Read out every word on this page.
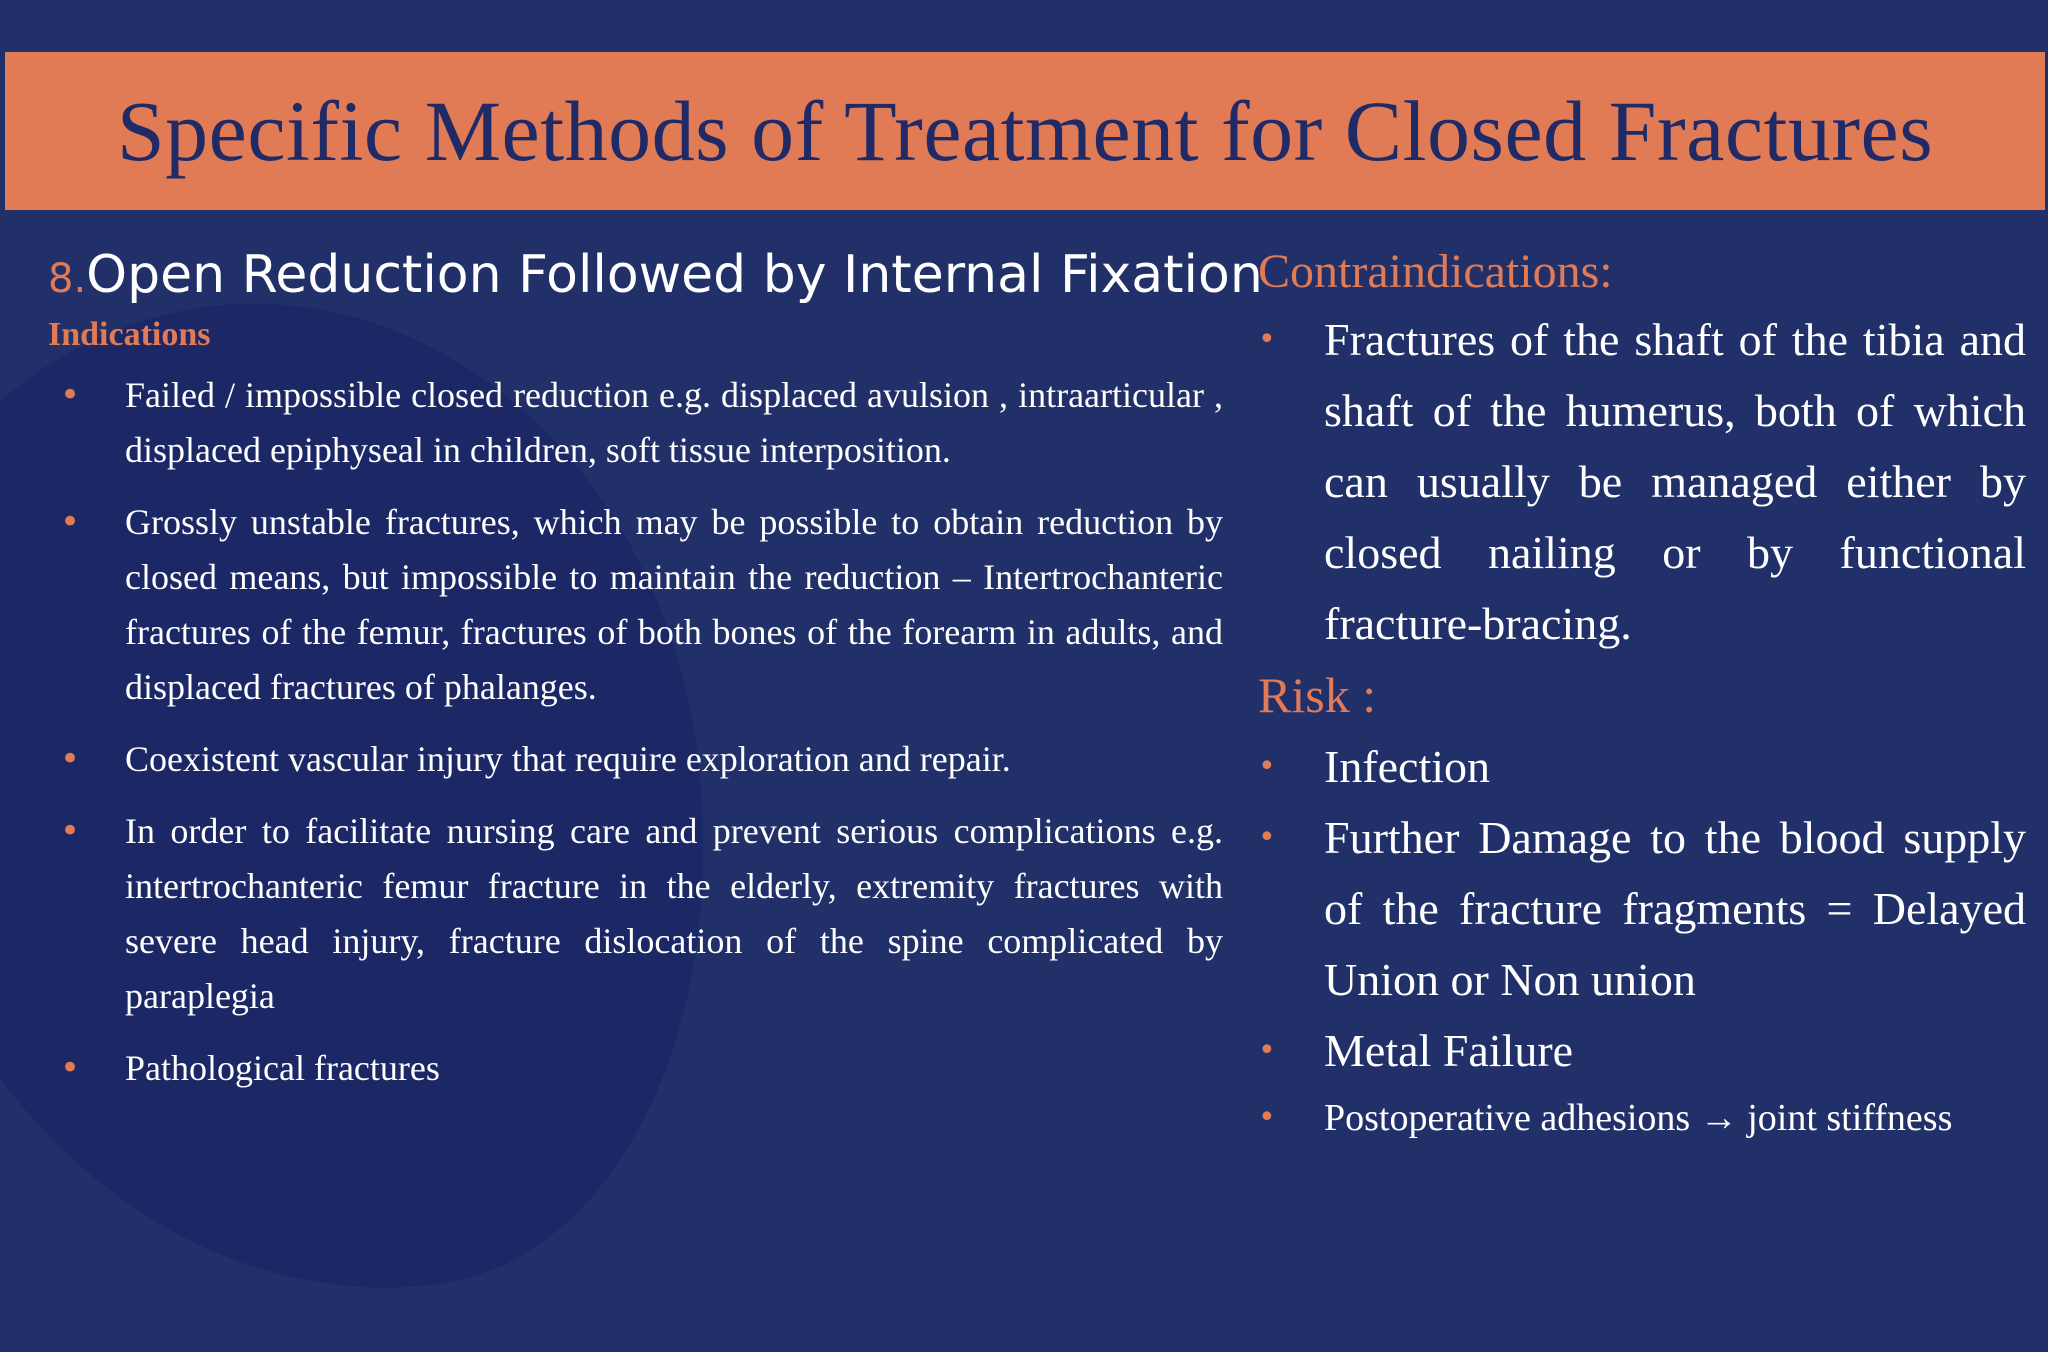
Specific Methods of Treatment for Closed Fractures
8. Open Reduction Followed by Internal Fixation
Indications
• Failed / impossible closed reduction e.g. displaced avulsion , intraarticular , displaced epiphyseal in children, soft tissue interposition.
• Grossly unstable fractures, which may be possible to obtain reduction by closed means, but impossible to maintain the reduction – Intertrochanteric fractures of the femur, fractures of both bones of the forearm in adults, and displaced fractures of phalanges.
• Coexistent vascular injury that require exploration and repair.
• In order to facilitate nursing care and prevent serious complications e.g. intertrochanteric femur fracture in the elderly, extremity fractures with severe head injury, fracture dislocation of the spine complicated by paraplegia
• Pathological fractures
Contraindications:
• Fractures of the shaft of the tibia and shaft of the humerus, both of which can usually be managed either by closed nailing or by functional fracture-bracing.
Risk :
• Infection
• Further Damage to the blood supply of the fracture fragments = Delayed Union or Non union
• Metal Failure
• Postoperative adhesions → joint stiffness
